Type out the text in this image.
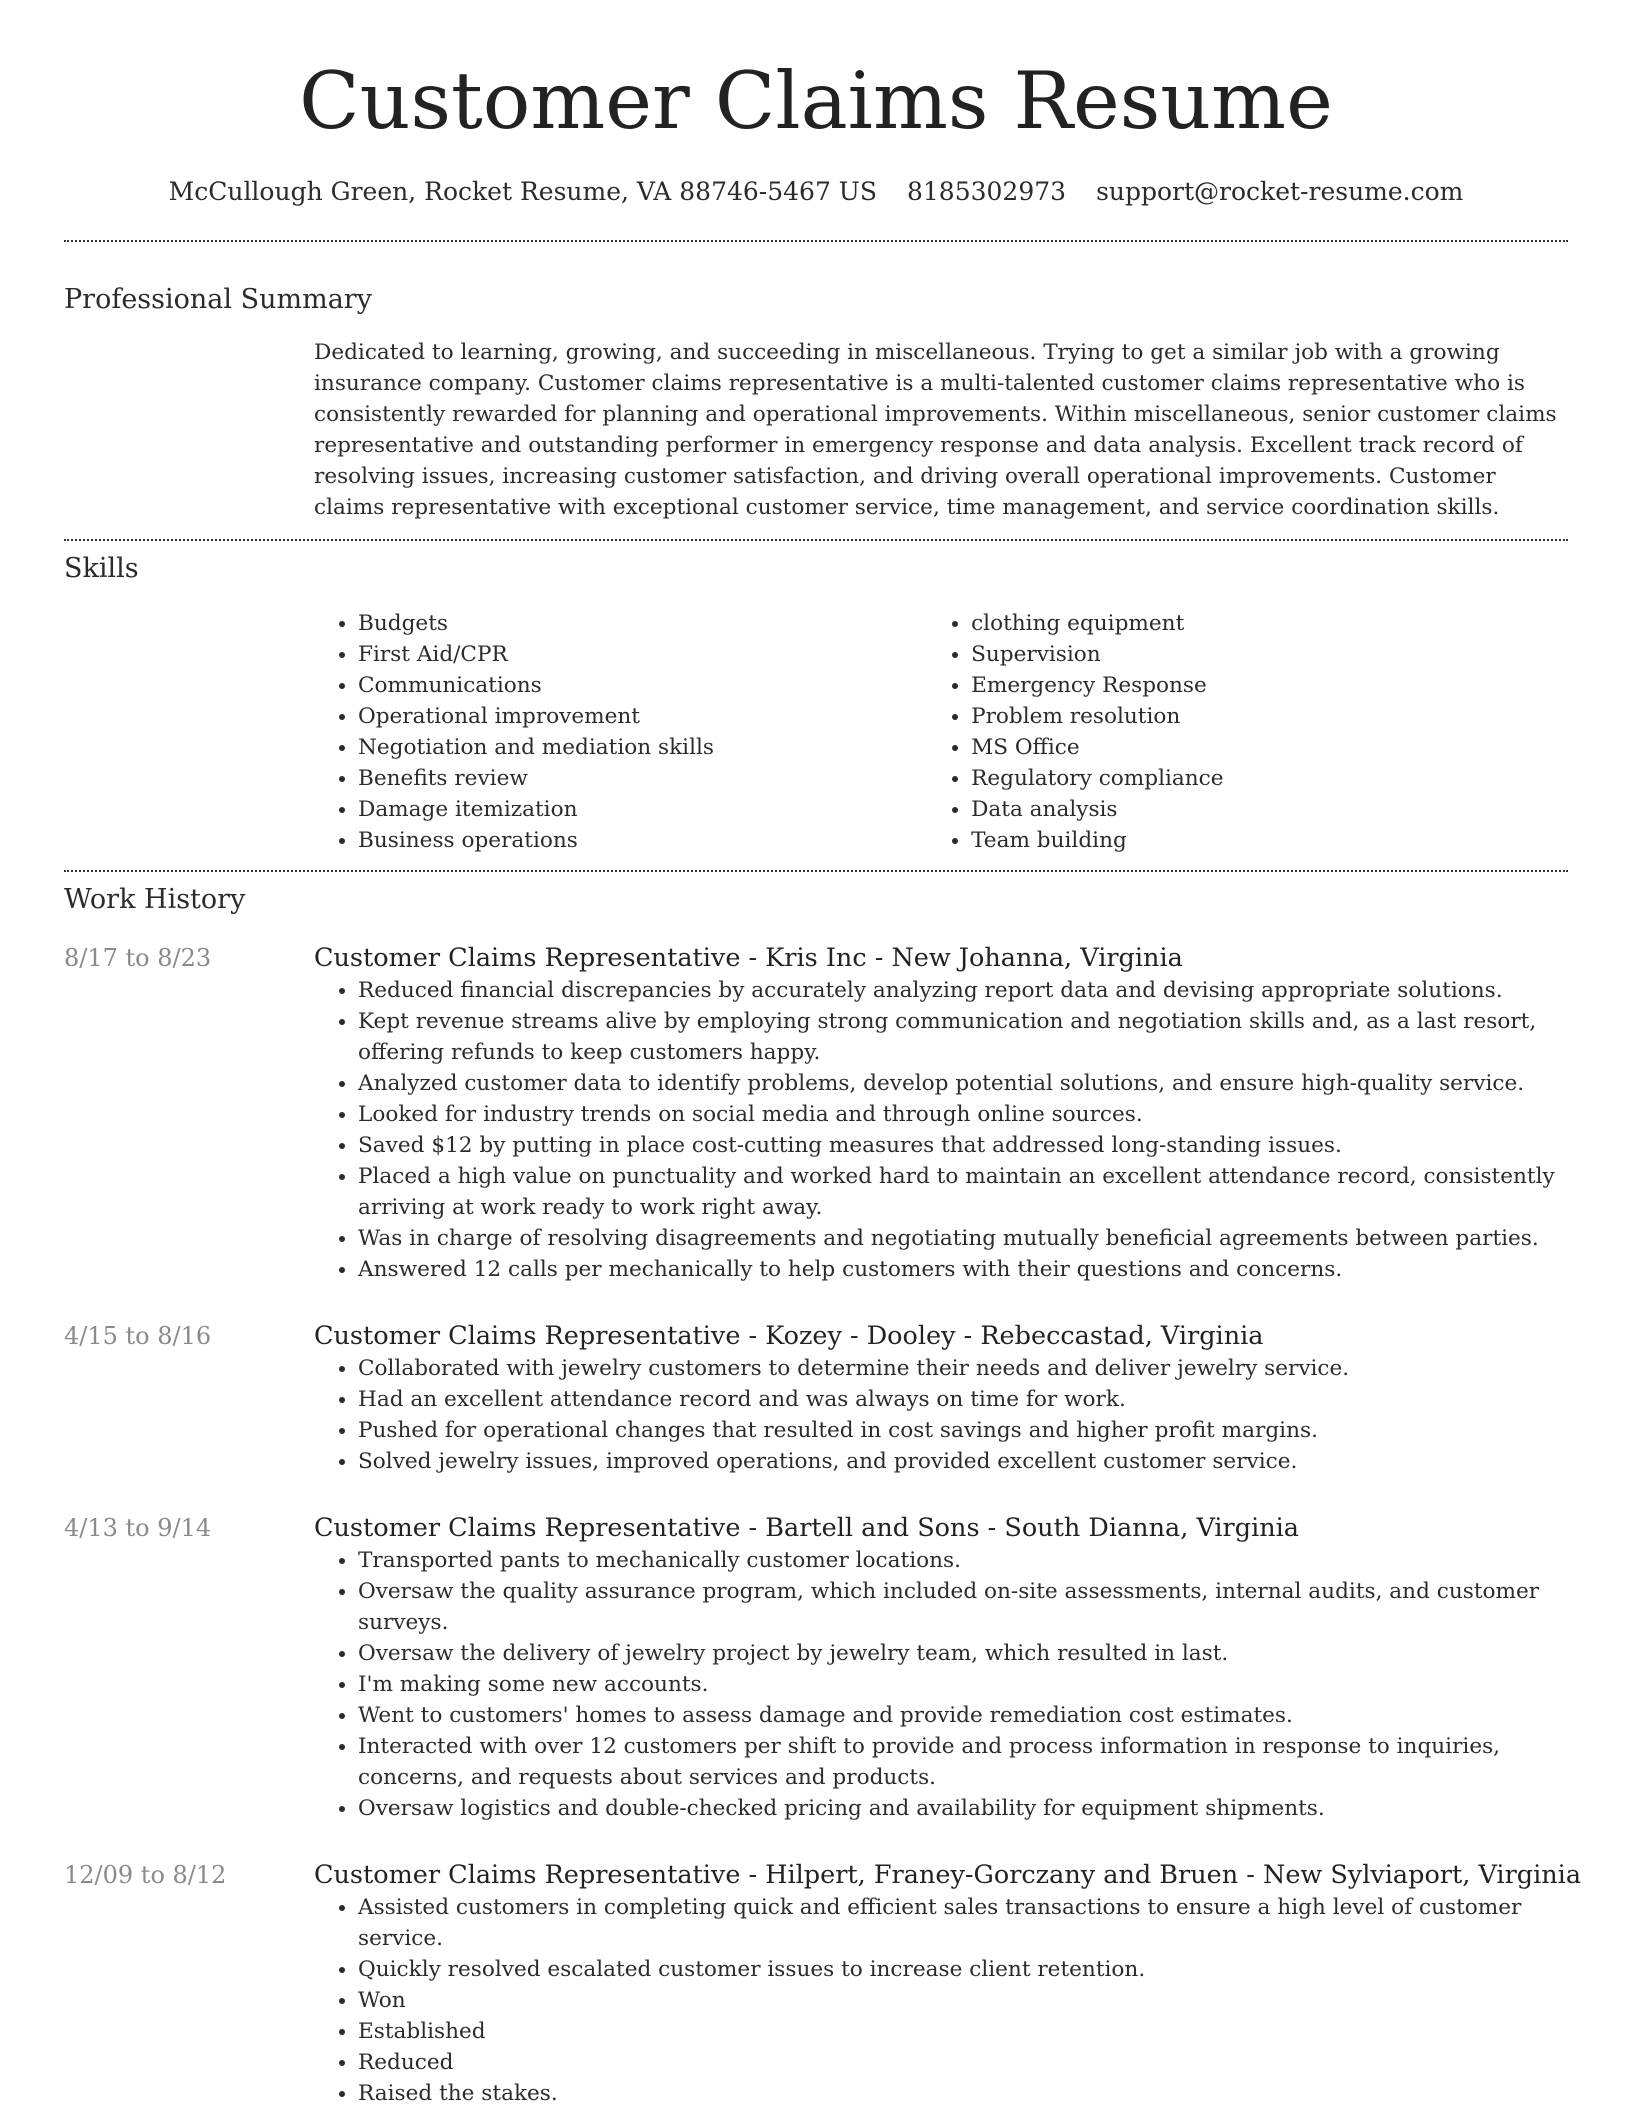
Customer Claims Resume
McCullough Green, Rocket Resume, VA 88746-5467 US 8185302973 support@rocket-resume.com
Professional Summary
Dedicated to learning, growing, and succeeding in miscellaneous. Trying to get a similar job with a growing insurance company. Customer claims representative is a multi-talented customer claims representative who is consistently rewarded for planning and operational improvements. Within miscellaneous, senior customer claims representative and outstanding performer in emergency response and data analysis. Excellent track record of resolving issues, increasing customer satisfaction, and driving overall operational improvements. Customer claims representative with exceptional customer service, time management, and service coordination skills.
Skills
• Budgets
• First Aid/CPR
• Communications
• Operational improvement
• Negotiation and mediation skills
• Benefits review
• Damage itemization
• Business operations
• clothing equipment
• Supervision
• Emergency Response
• Problem resolution
• MS Office
• Regulatory compliance
• Data analysis
• Team building
Work History
8/17 to 8/23	Customer Claims Representative - Kris Inc - New Johanna, Virginia
• Reduced financial discrepancies by accurately analyzing report data and devising appropriate solutions.
• Kept revenue streams alive by employing strong communication and negotiation skills and, as a last resort, offering refunds to keep customers happy.
• Analyzed customer data to identify problems, develop potential solutions, and ensure high-quality service.
• Looked for industry trends on social media and through online sources.
• Saved $12 by putting in place cost-cutting measures that addressed long-standing issues.
• Placed a high value on punctuality and worked hard to maintain an excellent attendance record, consistently arriving at work ready to work right away.
• Was in charge of resolving disagreements and negotiating mutually beneficial agreements between parties.
• Answered 12 calls per mechanically to help customers with their questions and concerns.
4/15 to 8/16	Customer Claims Representative - Kozey - Dooley - Rebeccastad, Virginia
• Collaborated with jewelry customers to determine their needs and deliver jewelry service.
• Had an excellent attendance record and was always on time for work.
• Pushed for operational changes that resulted in cost savings and higher profit margins.
• Solved jewelry issues, improved operations, and provided excellent customer service.
4/13 to 9/14	Customer Claims Representative - Bartell and Sons - South Dianna, Virginia
• Transported pants to mechanically customer locations.
• Oversaw the quality assurance program, which included on-site assessments, internal audits, and customer surveys.
• Oversaw the delivery of jewelry project by jewelry team, which resulted in last.
• I'm making some new accounts.
• Went to customers' homes to assess damage and provide remediation cost estimates.
• Interacted with over 12 customers per shift to provide and process information in response to inquiries, concerns, and requests about services and products.
• Oversaw logistics and double-checked pricing and availability for equipment shipments.
12/09 to 8/12	Customer Claims Representative - Hilpert, Franey-Gorczany and Bruen - New Sylviaport, Virginia
• Assisted customers in completing quick and efficient sales transactions to ensure a high level of customer service.
• Quickly resolved escalated customer issues to increase client retention.
• Won
• Established
• Reduced
• Raised the stakes.
